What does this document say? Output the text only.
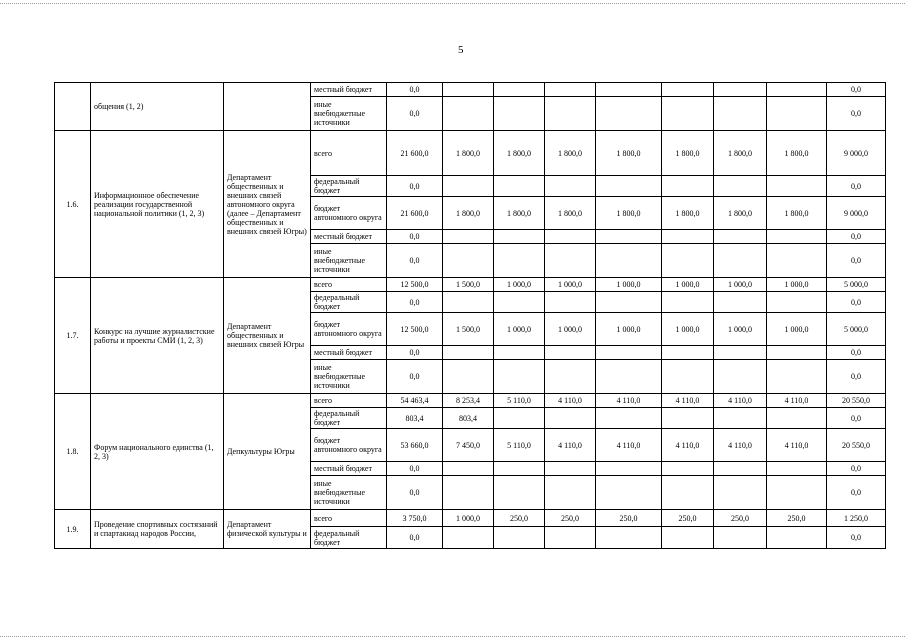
5
	общения (1, 2)		местный бюджет	0,0								0,0
			иные внебюджетные источники	0,0								0,0
1.6.	Информационное обеспечение реализации государственной национальной политики (1, 2, 3)	Департамент общественных и внешних связей автономного округа (далее – Департамент общественных и внешних связей Югры)	всего	21 600,0	1 800,0	1 800,0	1 800,0	1 800,0	1 800,0	1 800,0	1 800,0	9 000,0
			федеральный бюджет	0,0								0,0
			бюджет автономного округа	21 600,0	1 800,0	1 800,0	1 800,0	1 800,0	1 800,0	1 800,0	1 800,0	9 000,0
			местный бюджет	0,0								0,0
			иные внебюджетные источники	0,0								0,0
1.7.	Конкурс на лучшие журналистские работы и проекты СМИ (1, 2, 3)	Департамент общественных и внешних связей Югры	всего	12 500,0	1 500,0	1 000,0	1 000,0	1 000,0	1 000,0	1 000,0	1 000,0	5 000,0
			федеральный бюджет	0,0								0,0
			бюджет автономного округа	12 500,0	1 500,0	1 000,0	1 000,0	1 000,0	1 000,0	1 000,0	1 000,0	5 000,0
			местный бюджет	0,0								0,0
			иные внебюджетные источники	0,0								0,0
1.8.	Форум национального единства (1, 2, 3)	Депкультуры Югры	всего	54 463,4	8 253,4	5 110,0	4 110,0	4 110,0	4 110,0	4 110,0	4 110,0	20 550,0
			федеральный бюджет	803,4	803,4							0,0
			бюджет автономного округа	53 660,0	7 450,0	5 110,0	4 110,0	4 110,0	4 110,0	4 110,0	4 110,0	20 550,0
			местный бюджет	0,0								0,0
			иные внебюджетные источники	0,0								0,0
1.9.	Проведение спортивных состязаний и спартакиад народов России,	Департамент физической культуры и	всего	3 750,0	1 000,0	250,0	250,0	250,0	250,0	250,0	250,0	1 250,0
			федеральный бюджет	0,0								0,0
